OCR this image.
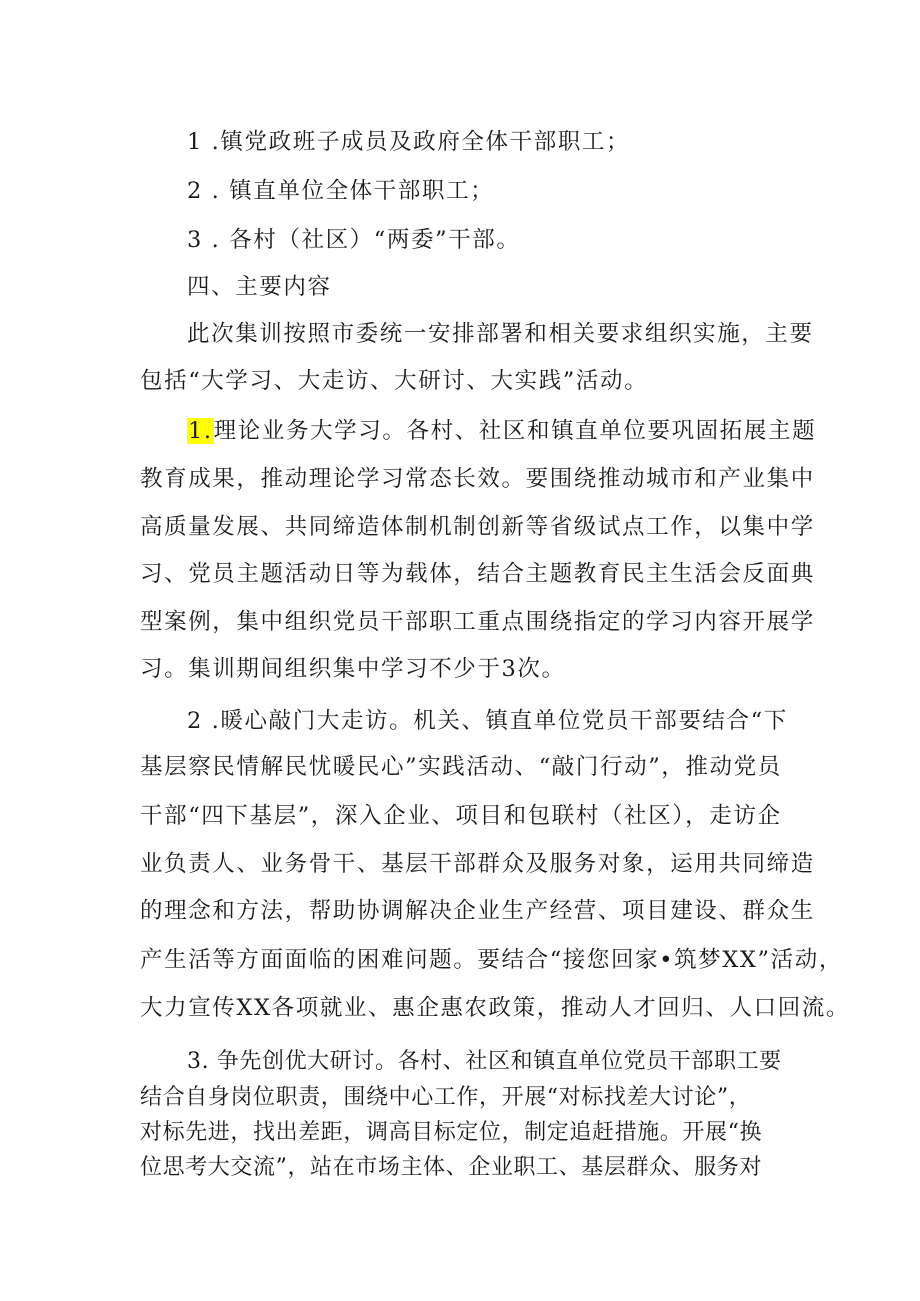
1 .镇党政班子成员及政府全体干部职工；
2 . 镇直单位全体干部职工；
3 . 各村（社区）“两委”干部。
四、主要内容
此次集训按照市委统一安排部署和相关要求组织实施，主要
包括“大学习、大走访、大研讨、大实践”活动。
1.理论业务大学习。各村、社区和镇直单位要巩固拓展主题
教育成果，推动理论学习常态长效。要围绕推动城市和产业集中
高质量发展、共同缔造体制机制创新等省级试点工作，以集中学
习、党员主题活动日等为载体，结合主题教育民主生活会反面典
型案例，集中组织党员干部职工重点围绕指定的学习内容开展学
习。集训期间组织集中学习不少于3次。
2 .暖心敲门大走访。机关、镇直单位党员干部要结合“下
基层察民情解民忧暖民心”实践活动、“敲门行动”，推动党员
干部“四下基层”，深入企业、项目和包联村（社区），走访企
业负责人、业务骨干、基层干部群众及服务对象，运用共同缔造
的理念和方法，帮助协调解决企业生产经营、项目建设、群众生
产生活等方面面临的困难问题。要结合“接您回家•筑梦XX”活动，
大力宣传XX各项就业、惠企惠农政策，推动人才回归、人口回流。
3. 争先创优大研讨。各村、社区和镇直单位党员干部职工要
结合自身岗位职责，围绕中心工作，开展“对标找差大讨论”，
对标先进，找出差距，调高目标定位，制定追赶措施。开展“换
位思考大交流”，站在市场主体、企业职工、基层群众、服务对
